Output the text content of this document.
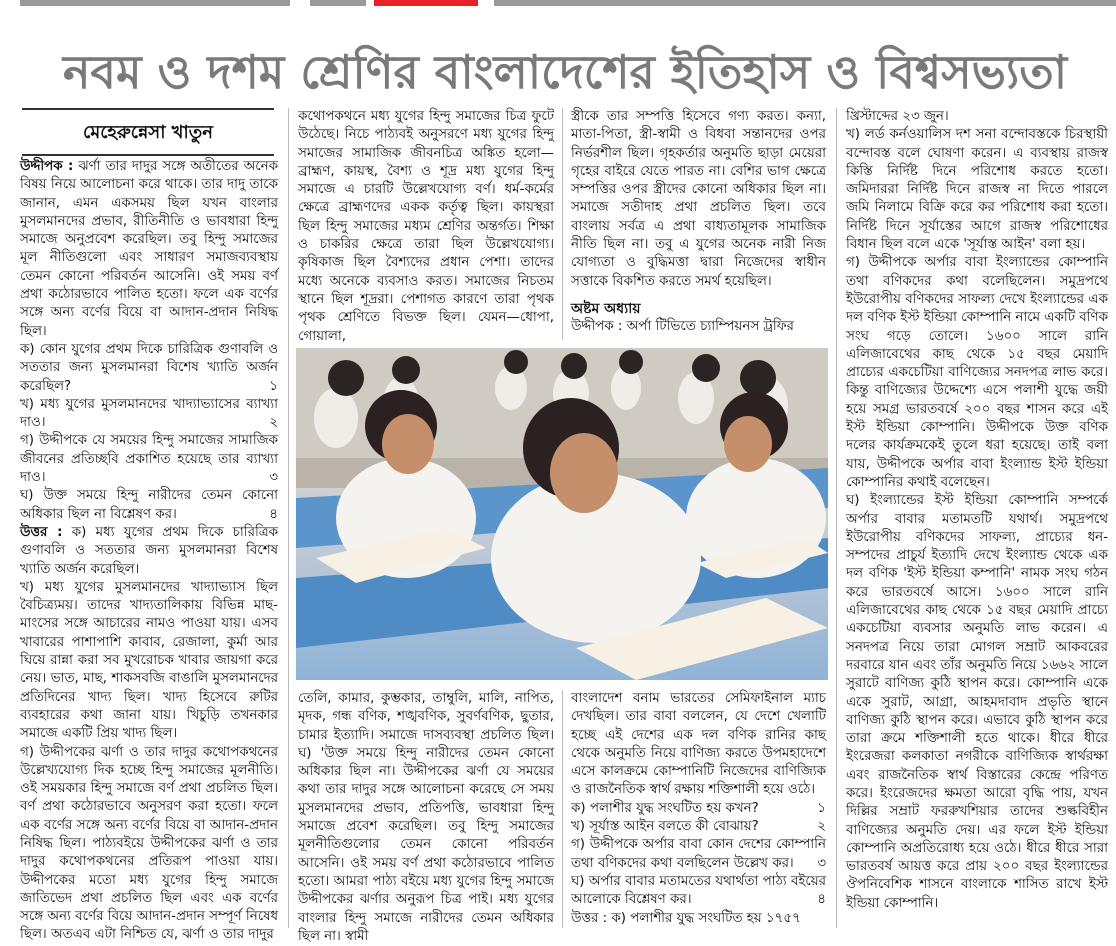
নবম ও দশম শ্রেণির বাংলাদেশের ইতিহাস ও বিশ্বসভ্যতা
মেহেরুন্নেসা খাতুন

উদ্দীপক : ঝর্ণা তার দাদুর সঙ্গে অতীতের অনেক বিষয় নিয়ে আলোচনা করে থাকে। তার দাদু তাকে জানান, এমন একসময় ছিল যখন বাংলার মুসলমানদের প্রভাব, রীতিনীতি ও ভাবধারা হিন্দু সমাজে অনুপ্রবেশ করেছিল। তবু হিন্দু সমাজের মূল নীতিগুলো এবং সাধারণ সমাজব্যবস্থায় তেমন কোনো পরিবর্তন আসেনি। ওই সময় বর্ণ প্রথা কঠোরভাবে পালিত হতো। ফলে এক বর্ণের সঙ্গে অন্য বর্ণের বিয়ে বা আদান-প্রদান নিষিদ্ধ ছিল।

ক) কোন যুগের প্রথম দিকে চারিত্রিক গুণাবলি ও সততার জন্য মুসলমানরা বিশেষ খ্যাতি অর্জন করেছিল?	১

খ) মধ্য যুগের মুসলমানদের খাদ্যাভ্যাসের ব্যাখ্যা দাও।	২

গ) উদ্দীপকে যে সময়ের হিন্দু সমাজের সামাজিক জীবনের প্রতিচ্ছবি প্রকাশিত হয়েছে তার ব্যাখ্যা দাও।	৩

ঘ) উক্ত সময়ে হিন্দু নারীদের তেমন কোনো অধিকার ছিল না বিশ্লেষণ কর।	৪

উত্তর : ক) মধ্য যুগের প্রথম দিকে চারিত্রিক গুণাবলি ও সততার জন্য মুসলমানরা বিশেষ খ্যাতি অর্জন করেছিল।

খ) মধ্য যুগের মুসলমানদের খাদ্যাভ্যাস ছিল বৈচিত্র্যময়। তাদের খাদ্যতালিকায় বিভিন্ন মাছ-মাংসের সঙ্গে আচারের নামও পাওয়া যায়। এসব খাবারের পাশাপাশি কাবাব, রেজালা, কুর্মা আর ঘিয়ে রান্না করা সব মুখরোচক খাবার জায়গা করে নেয়। ভাত, মাছ, শাকসবজি বাঙালি মুসলমানদের প্রতিদিনের খাদ্য ছিল। খাদ্য হিসেবে রুটির ব্যবহারের কথা জানা যায়। খিচুড়ি তখনকার সমাজে একটি প্রিয় খাদ্য ছিল।

গ) উদ্দীপকের ঝর্ণা ও তার দাদুর কথোপকথনের উল্লেখ্যযোগ্য দিক হচ্ছে হিন্দু সমাজের মূলনীতি। ওই সময়কার হিন্দু সমাজে বর্ণ প্রথা প্রচলিত ছিল। বর্ণ প্রথা কঠোরভাবে অনুসরণ করা হতো। ফলে এক বর্ণের সঙ্গে অন্য বর্ণের বিয়ে বা আদান-প্রদান নিষিদ্ধ ছিল। পাঠ্যবইয়ে উদ্দীপকের ঝর্ণা ও তার দাদুর কথোপকথনের প্রতিরূপ পাওয়া যায়। উদ্দীপকের মতো মধ্য যুগের হিন্দু সমাজে জাতিভেদ প্রথা প্রচলিত ছিল এবং এক বর্ণের সঙ্গে অন্য বর্ণের বিয়ে আদান-প্রদান সম্পূর্ণ নিষেধ ছিল। অতএব এটা নিশ্চিত যে, ঝর্ণা ও তার দাদুর

কথোপকথনে মধ্য যুগের হিন্দু সমাজের চিত্র ফুটে উঠেছে। নিচে পাঠ্যবই অনুসরণে মধ্য যুগের হিন্দু সমাজের সামাজিক জীবনচিত্র অঙ্কিত হলো— ব্রাহ্মণ, কায়স্থ, বৈশ্য ও শূদ্র মধ্য যুগের হিন্দু সমাজে এ চারটি উল্লেখযোগ্য বর্ণ। ধর্ম-কর্মের ক্ষেত্রে ব্রাহ্মণদের একক কর্তৃত্ব ছিল। কায়স্থরা ছিল হিন্দু সমাজের মধ্যম শ্রেণির অন্তর্গত। শিক্ষা ও চাকরির ক্ষেত্রে তারা ছিল উল্লেখযোগ্য। কৃষিকাজ ছিল বৈশ্যদের প্রধান পেশা। তাদের মধ্যে অনেকে ব্যবসাও করত। সমাজের নিচতম স্থানে ছিল শূদ্ররা। পেশাগত কারণে তারা পৃথক পৃথক শ্রেণিতে বিভক্ত ছিল। যেমন—ধোপা, গোয়ালা,

স্ত্রীকে তার সম্পত্তি হিসেবে গণ্য করত। কন্যা, মাতা-পিতা, স্ত্রী-স্বামী ও বিধবা সন্তানদের ওপর নির্ভরশীল ছিল। গৃহকর্তার অনুমতি ছাড়া মেয়েরা গৃহের বাইরে যেতে পারত না। বেশির ভাগ ক্ষেত্রে সম্পত্তির ওপর স্ত্রীদের কোনো অধিকার ছিল না। সমাজে সতীদাহ প্রথা প্রচলিত ছিল। তবে বাংলায় সর্বত্র এ প্রথা বাধ্যতামূলক সামাজিক নীতি ছিল না। তবু এ যুগের অনেক নারী নিজ যোগ্যতা ও বুদ্ধিমত্তা দ্বারা নিজেদের স্বাধীন সত্তাকে বিকশিত করতে সমর্থ হয়েছিল।

অষ্টম অধ্যায়

উদ্দীপক : অর্পা টিভিতে চ্যাম্পিয়নস ট্রফির

তেলি, কামার, কুম্ভকার, তাম্বুলি, মালি, নাপিত, মৃদক, গন্ধ বণিক, শঙ্খবণিক, সুবর্ণবণিক, ছুতার, চামার ইত্যাদি। সমাজে দাসব্যবস্থা প্রচলিত ছিল। ঘ) 'উক্ত সময়ে হিন্দু নারীদের তেমন কোনো অধিকার ছিল না। উদ্দীপকের ঝর্ণা যে সময়ের কথা তার দাদুর সঙ্গে আলোচনা করেছে সে সময় মুসলমানদের প্রভাব, প্রতিপত্তি, ভাবধারা হিন্দু সমাজে প্রবেশ করেছিল। তবু হিন্দু সমাজের মূলনীতিগুলোর তেমন কোনো পরিবর্তন আসেনি। ওই সময় বর্ণ প্রথা কঠোরভাবে পালিত হতো। আমরা পাঠ্য বইয়ে মধ্য যুগের হিন্দু সমাজে উদ্দীপকের ঝর্ণার অনুরূপ চিত্র পাই। মধ্য যুগের বাংলার হিন্দু সমাজে নারীদের তেমন অধিকার ছিল না। স্বামী

বাংলাদেশ বনাম ভারতের সেমিফাইনাল ম্যাচ দেখছিল। তার বাবা বললেন, যে দেশে খেলাটি হচ্ছে এই দেশের এক দল বণিক রানির কাছ থেকে অনুমতি নিয়ে বাণিজ্য করতে উপমহাদেশে এসে কালক্রমে কোম্পানিটি নিজেদের বাণিজ্যিক ও রাজনৈতিক স্বার্থ রক্ষায় শক্তিশালী হয়ে ওঠে।

ক) পলাশীর যুদ্ধ সংঘটিত হয় কখন?	১

খ) সূর্যাস্ত আইন বলতে কী বোঝায়?	২

গ) উদ্দীপকে অর্পার বাবা কোন দেশের কোম্পানি তথা বণিকদের কথা বলছিলেন উল্লেখ কর। ৩

ঘ) অর্পার বাবার মতামতের যথার্থতা পাঠ্য বইয়ের আলোকে বিশ্লেষণ কর।	৪

উত্তর : ক) পলাশীর যুদ্ধ সংঘটিত হয় ১৭৫৭

খ্রিস্টাব্দের ২৩ জুন।

খ) লর্ড কর্নওয়ালিস দশ সনা বন্দোবস্তকে চিরস্থায়ী বন্দোবস্ত বলে ঘোষণা করেন। এ ব্যবস্থায় রাজস্ব কিস্তি নির্দিষ্ট দিনে পরিশোধ করতে হতো। জমিদাররা নির্দিষ্ট দিনে রাজস্ব না দিতে পারলে জমি নিলামে বিক্রি করে কর পরিশোধ করা হতো। নির্দিষ্ট দিনে সূর্যাস্তের আগে রাজস্ব পরিশোধের বিধান ছিল বলে একে 'সূর্যাস্ত আইন' বলা হয়।

গ) উদ্দীপকে অর্পার বাবা ইংল্যান্ডের কোম্পানি তথা বণিকদের কথা বলেছিলেন। সমুদ্রপথে ইউরোপীয় বণিকদের সাফল্য দেখে ইংল্যান্ডের এক দল বণিক ইস্ট ইন্ডিয়া কোম্পানি নামে একটি বণিক সংঘ গড়ে তোলে। ১৬০০ সালে রানি এলিজাবেথের কাছ থেকে ১৫ বছর মেয়াদি প্রাচ্যের একচেটিয়া বাণিজ্যের সনদপত্র লাভ করে। কিন্তু বাণিজ্যের উদ্দেশ্যে এসে পলাশী যুদ্ধে জয়ী হয়ে সমগ্র ভারতবর্ষে ২০০ বছর শাসন করে এই ইস্ট ইন্ডিয়া কোম্পানি। উদ্দীপকে উক্ত বণিক দলের কার্যক্রমকেই তুলে ধরা হয়েছে। তাই বলা যায়, উদ্দীপকে অর্পার বাবা ইংল্যান্ড ইস্ট ইন্ডিয়া কোম্পানির কথাই বলেছেন।

ঘ) ইংল্যান্ডের ইস্ট ইন্ডিয়া কোম্পানি সম্পর্কে অর্পার বাবার মতামতটি যথার্থ। সমুদ্রপথে ইউরোপীয় বণিকদের সাফল্য, প্রাচ্যের ধন-সম্পদের প্রাচুর্য ইত্যাদি দেখে ইংল্যান্ড থেকে এক দল বণিক 'ইস্ট ইন্ডিয়া কম্পানি' নামক সংঘ গঠন করে ভারতবর্ষে আসে। ১৬০০ সালে রানি এলিজাবেথের কাছ থেকে ১৫ বছর মেয়াদি প্রাচ্যে একচেটিয়া ব্যবসার অনুমতি লাভ করেন। এ সনদপত্র নিয়ে তারা মোগল সম্রাট আকবরের দরবারে যান এবং তাঁর অনুমতি নিয়ে ১৬৬২ সালে সুরাটে বাণিজ্য কুঠি স্থাপন করে। কোম্পানি একে একে সুরাট, আগ্রা, আহমদাবাদ প্রভৃতি স্থানে বাণিজ্য কুঠি স্থাপন করে। এভাবে কুঠি স্থাপন করে তারা ক্রমে শক্তিশালী হতে থাকে। ধীরে ধীরে ইংরেজরা কলকাতা নগরীকে বাণিজ্যিক স্বার্থরক্ষা এবং রাজনৈতিক স্বার্থ বিস্তারের কেন্দ্রে পরিণত করে। ইংরেজদের ক্ষমতা আরো বৃদ্ধি পায়, যখন দিল্লির সম্রাট ফররুখশিয়ার তাদের শুল্কবিহীন বাণিজ্যের অনুমতি দেয়। এর ফলে ইস্ট ইন্ডিয়া কোম্পানি অপ্রতিরোধ্য হয়ে ওঠে। ধীরে ধীরে সারা ভারতবর্ষ আয়ত্ত করে প্রায় ২০০ বছর ইংল্যান্ডের ঔপনিবেশিক শাসনে বাংলাকে শাসিত রাখে ইস্ট ইন্ডিয়া কোম্পানি।
